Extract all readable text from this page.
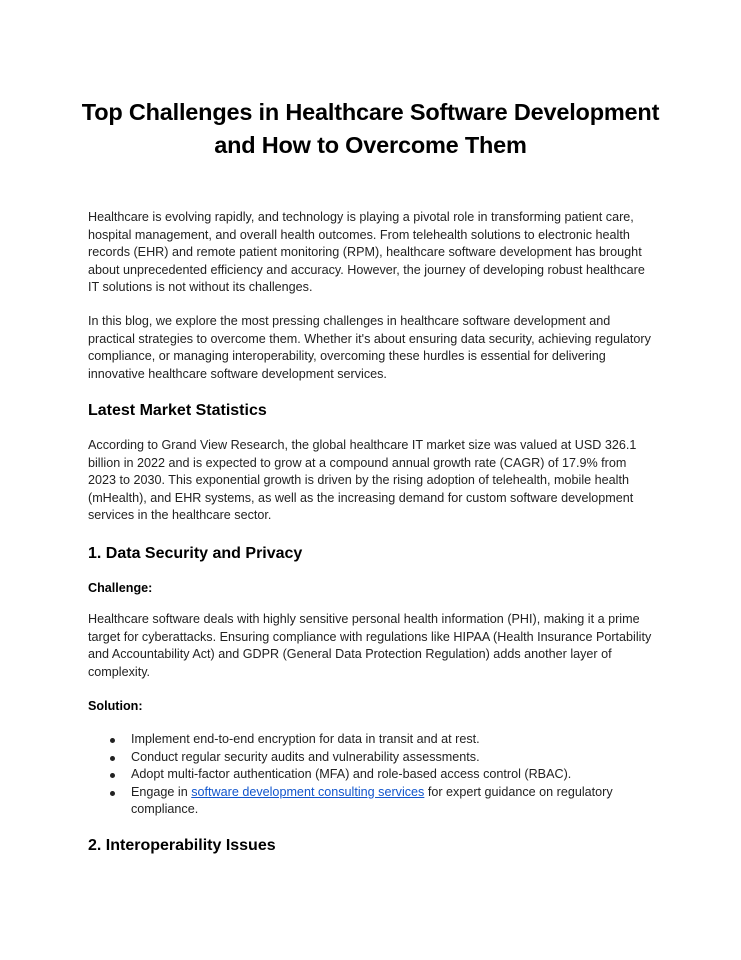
Top Challenges in Healthcare Software Development and How to Overcome Them
Healthcare is evolving rapidly, and technology is playing a pivotal role in transforming patient care, hospital management, and overall health outcomes. From telehealth solutions to electronic health records (EHR) and remote patient monitoring (RPM), healthcare software development has brought about unprecedented efficiency and accuracy. However, the journey of developing robust healthcare IT solutions is not without its challenges.
In this blog, we explore the most pressing challenges in healthcare software development and practical strategies to overcome them. Whether it's about ensuring data security, achieving regulatory compliance, or managing interoperability, overcoming these hurdles is essential for delivering innovative healthcare software development services.
Latest Market Statistics
According to Grand View Research, the global healthcare IT market size was valued at USD 326.1 billion in 2022 and is expected to grow at a compound annual growth rate (CAGR) of 17.9% from 2023 to 2030. This exponential growth is driven by the rising adoption of telehealth, mobile health (mHealth), and EHR systems, as well as the increasing demand for custom software development services in the healthcare sector.
1. Data Security and Privacy
Challenge:
Healthcare software deals with highly sensitive personal health information (PHI), making it a prime target for cyberattacks. Ensuring compliance with regulations like HIPAA (Health Insurance Portability and Accountability Act) and GDPR (General Data Protection Regulation) adds another layer of complexity.
Solution:
Implement end-to-end encryption for data in transit and at rest.
Conduct regular security audits and vulnerability assessments.
Adopt multi-factor authentication (MFA) and role-based access control (RBAC).
Engage in software development consulting services for expert guidance on regulatory compliance.
2. Interoperability Issues
